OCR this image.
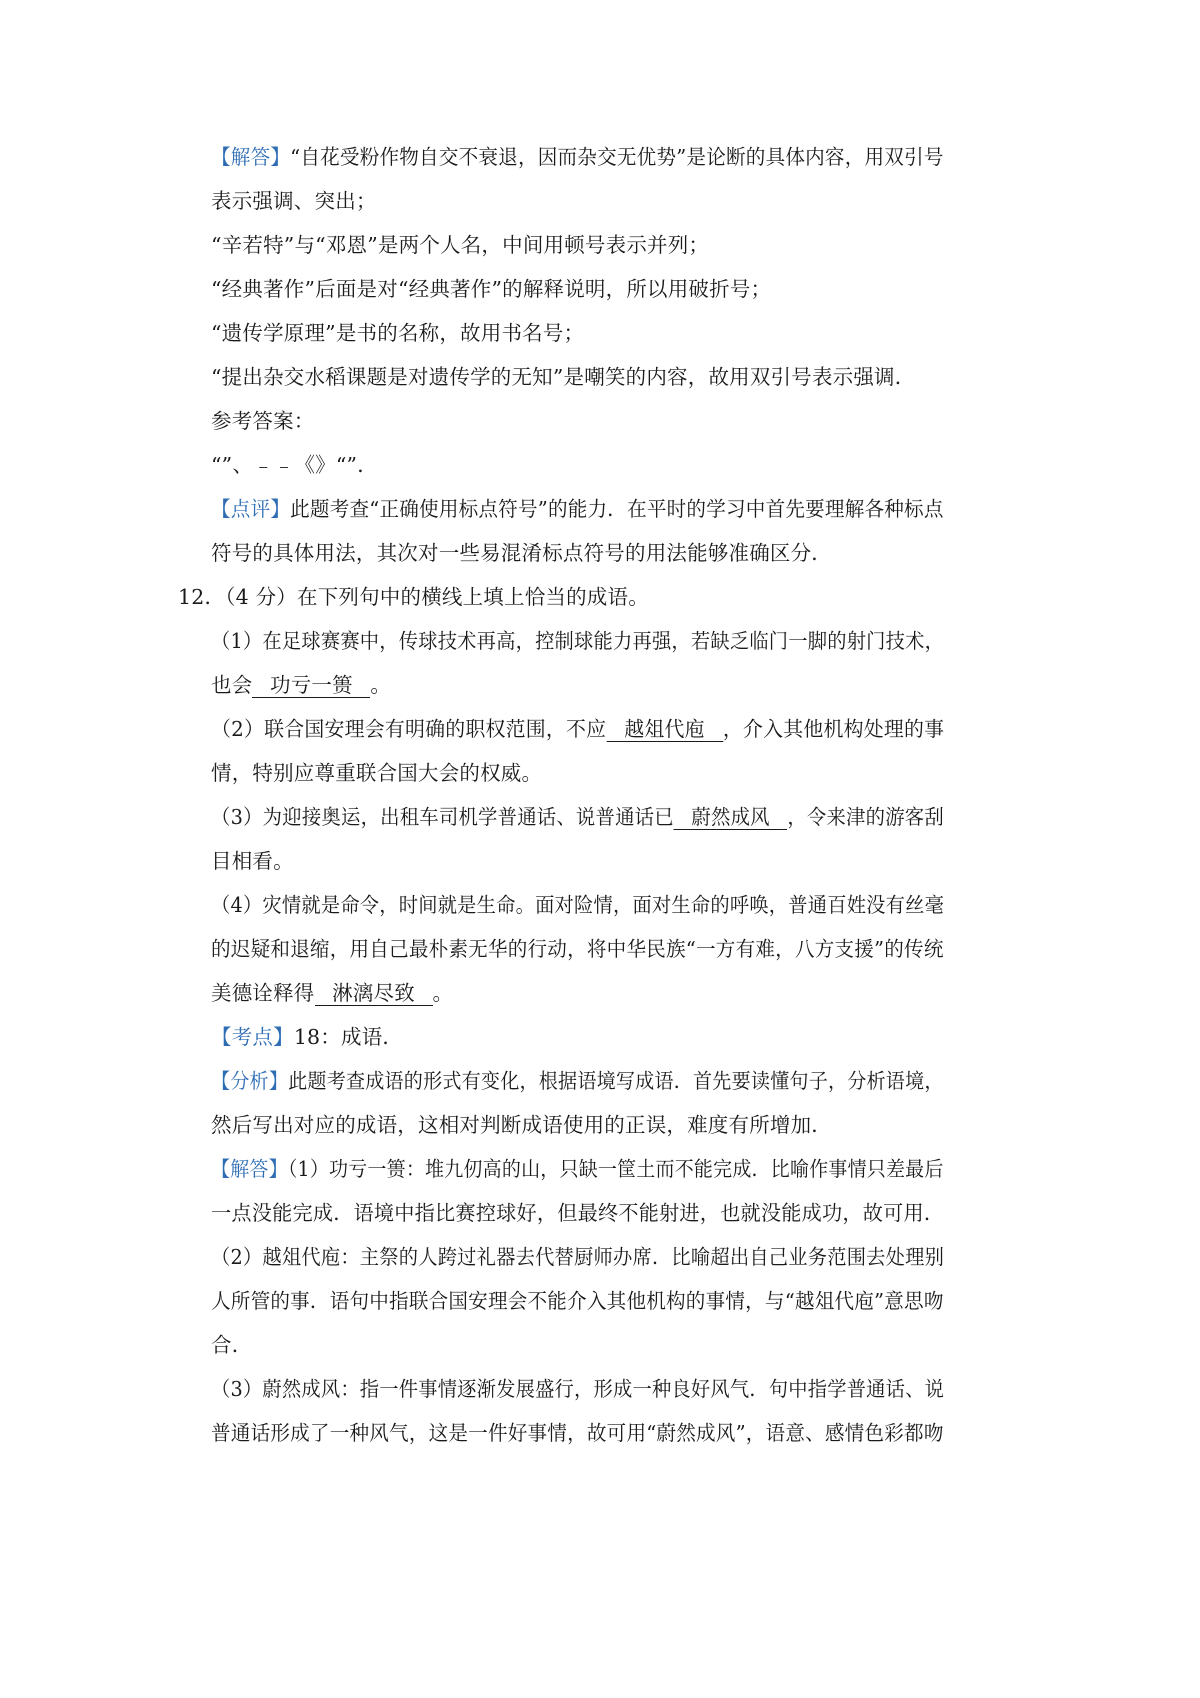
【解答】“自花受粉作物自交不衰退，因而杂交无优势”是论断的具体内容，用双引号
表示强调、突出；
“辛若特”与“邓恩”是两个人名，中间用顿号表示并列；
“经典著作”后面是对“经典著作”的解释说明，所以用破折号；
“遗传学原理”是书的名称，故用书名号；
“提出杂交水稻课题是对遗传学的无知”是嘲笑的内容，故用双引号表示强调．
参考答案：
“”、﹣﹣《》“”．
【点评】此题考查“正确使用标点符号”的能力．在平时的学习中首先要理解各种标点
符号的具体用法，其次对一些易混淆标点符号的用法能够准确区分．
12．（4 分）在下列句中的横线上填上恰当的成语。
（1）在足球赛赛中，传球技术再高，控制球能力再强，若缺乏临门一脚的射门技术，
也会 功亏一篑 。
（2）联合国安理会有明确的职权范围，不应 越俎代庖 ，介入其他机构处理的事
情，特别应尊重联合国大会的权威。
（3）为迎接奥运，出租车司机学普通话、说普通话已 蔚然成风 ，令来津的游客刮
目相看。
（4）灾情就是命令，时间就是生命。面对险情，面对生命的呼唤，普通百姓没有丝毫
的迟疑和退缩，用自己最朴素无华的行动，将中华民族“一方有难，八方支援”的传统
美德诠释得 淋漓尽致 。
【考点】18：成语．
【分析】此题考查成语的形式有变化，根据语境写成语．首先要读懂句子，分析语境，
然后写出对应的成语，这相对判断成语使用的正误，难度有所增加．
【解答】（1）功亏一篑：堆九仞高的山，只缺一筐土而不能完成．比喻作事情只差最后
一点没能完成．语境中指比赛控球好，但最终不能射进，也就没能成功，故可用．
（2）越俎代庖：主祭的人跨过礼器去代替厨师办席．比喻超出自己业务范围去处理别
人所管的事．语句中指联合国安理会不能介入其他机构的事情，与“越俎代庖”意思吻
合．
（3）蔚然成风：指一件事情逐渐发展盛行，形成一种良好风气．句中指学普通话、说
普通话形成了一种风气，这是一件好事情，故可用“蔚然成风”，语意、感情色彩都吻
